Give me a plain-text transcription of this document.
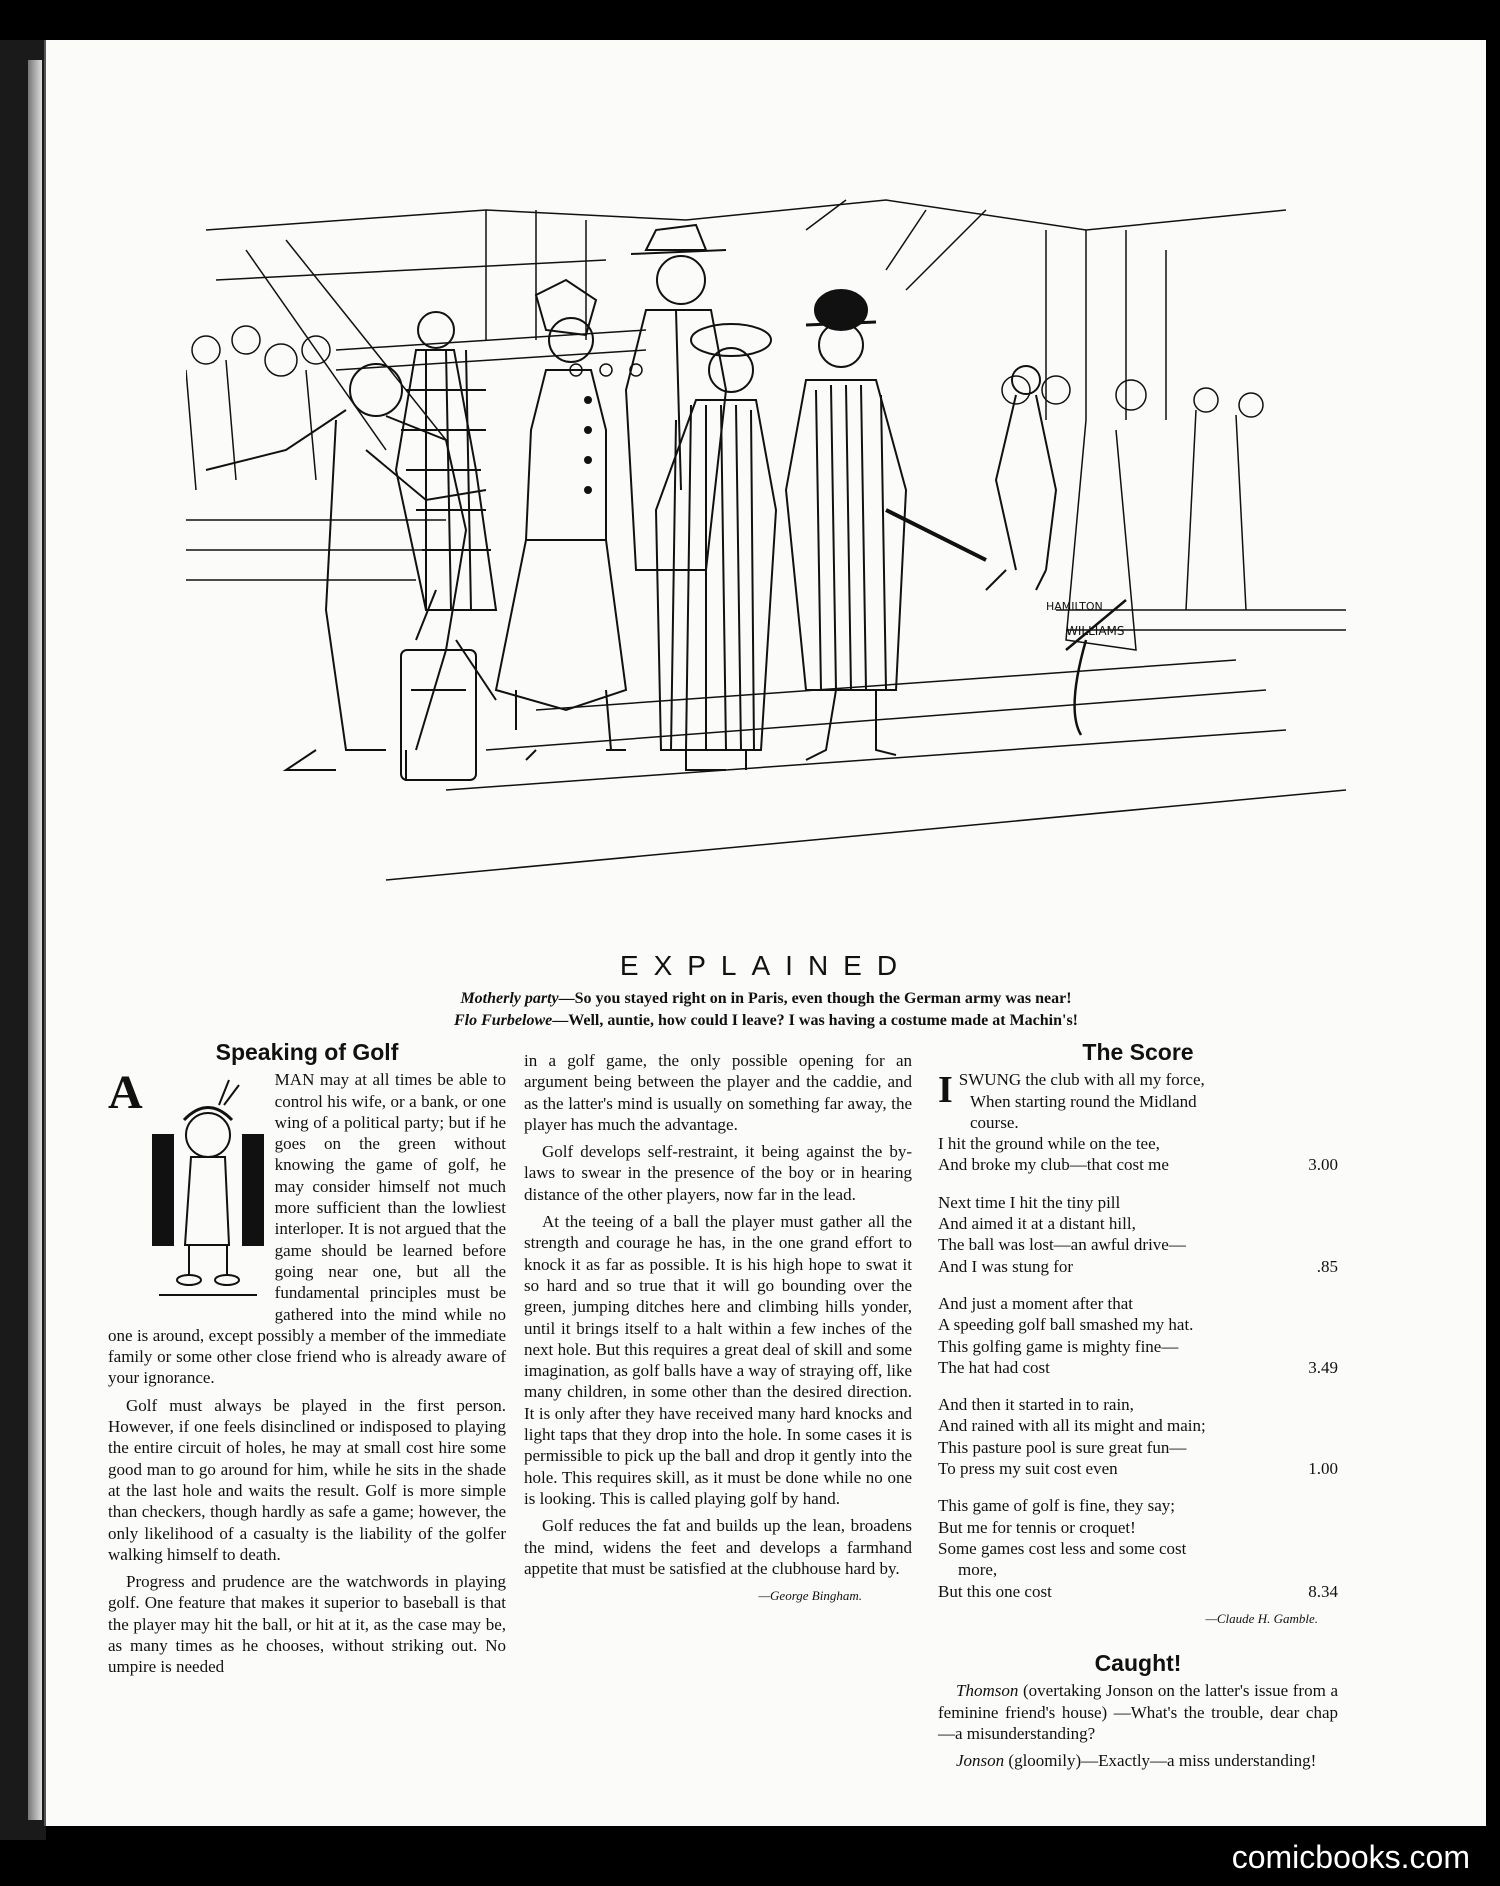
HAMILTON
WILLIAMS
EXPLAINED
Motherly party—So you stayed right on in Paris, even though the German army was near!
Flo Furbelowe—Well, auntie, how could I leave? I was having a costume made at Machin's!
Speaking of Golf
A	MAN may at all times be able to control his wife, or a bank, or one wing of a political party; but if he goes on the green without knowing the game of golf, he may consider himself not much more sufficient than the lowliest interloper. It is not argued that the game should be learned before going near one, but all the fundamental principles must be gathered into the mind while no one is around, except possibly a member of the immediate family or some other close friend who is already aware of your ignorance.

Golf must always be played in the first person. However, if one feels disinclined or indisposed to playing the entire circuit of holes, he may at small cost hire some good man to go around for him, while he sits in the shade at the last hole and waits the result. Golf is more simple than checkers, though hardly as safe a game; however, the only likelihood of a casualty is the liability of the golfer walking himself to death.

Progress and prudence are the watchwords in playing golf. One feature that makes it superior to baseball is that the player may hit the ball, or hit at it, as the case may be, as many times as he chooses, without striking out. No umpire is needed

in a golf game, the only possible opening for an argument being between the player and the caddie, and as the latter's mind is usually on something far away, the player has much the advantage.

Golf develops self-restraint, it being against the by-laws to swear in the presence of the boy or in hearing distance of the other players, now far in the lead.

At the teeing of a ball the player must gather all the strength and courage he has, in the one grand effort to knock it as far as possible. It is his high hope to swat it so hard and so true that it will go bounding over the green, jumping ditches here and climbing hills yonder, until it brings itself to a halt within a few inches of the next hole. But this requires a great deal of skill and some imagination, as golf balls have a way of straying off, like many children, in some other than the desired direction. It is only after they have received many hard knocks and light taps that they drop into the hole. In some cases it is permissible to pick up the ball and drop it gently into the hole. This requires skill, as it must be done while no one is looking. This is called playing golf by hand.

Golf reduces the fat and builds up the lean, broadens the mind, widens the feet and develops a farmhand appetite that must be satisfied at the clubhouse hard by.

—George Bingham.
The Score
I SWUNG the club with all my force,
When starting round the Midland
course.
I hit the ground while on the tee,
And broke my club—that cost me	3.00
Next time I hit the tiny pill
And aimed it at a distant hill,
The ball was lost—an awful drive—
And I was stung for	.85
And just a moment after that
A speeding golf ball smashed my hat.
This golfing game is mighty fine—
The hat had cost	3.49
And then it started in to rain,
And rained with all its might and main;
This pasture pool is sure great fun—
To press my suit cost even	1.00
This game of golf is fine, they say;
But me for tennis or croquet!
Some games cost less and some cost
more,
But this one cost	8.34
—Claude H. Gamble.
Caught!

Thomson (overtaking Jonson on the latter's issue from a feminine friend's house) —What's the trouble, dear chap—a misunderstanding?

Jonson (gloomily)—Exactly—a miss understanding!

comicbooks.com
